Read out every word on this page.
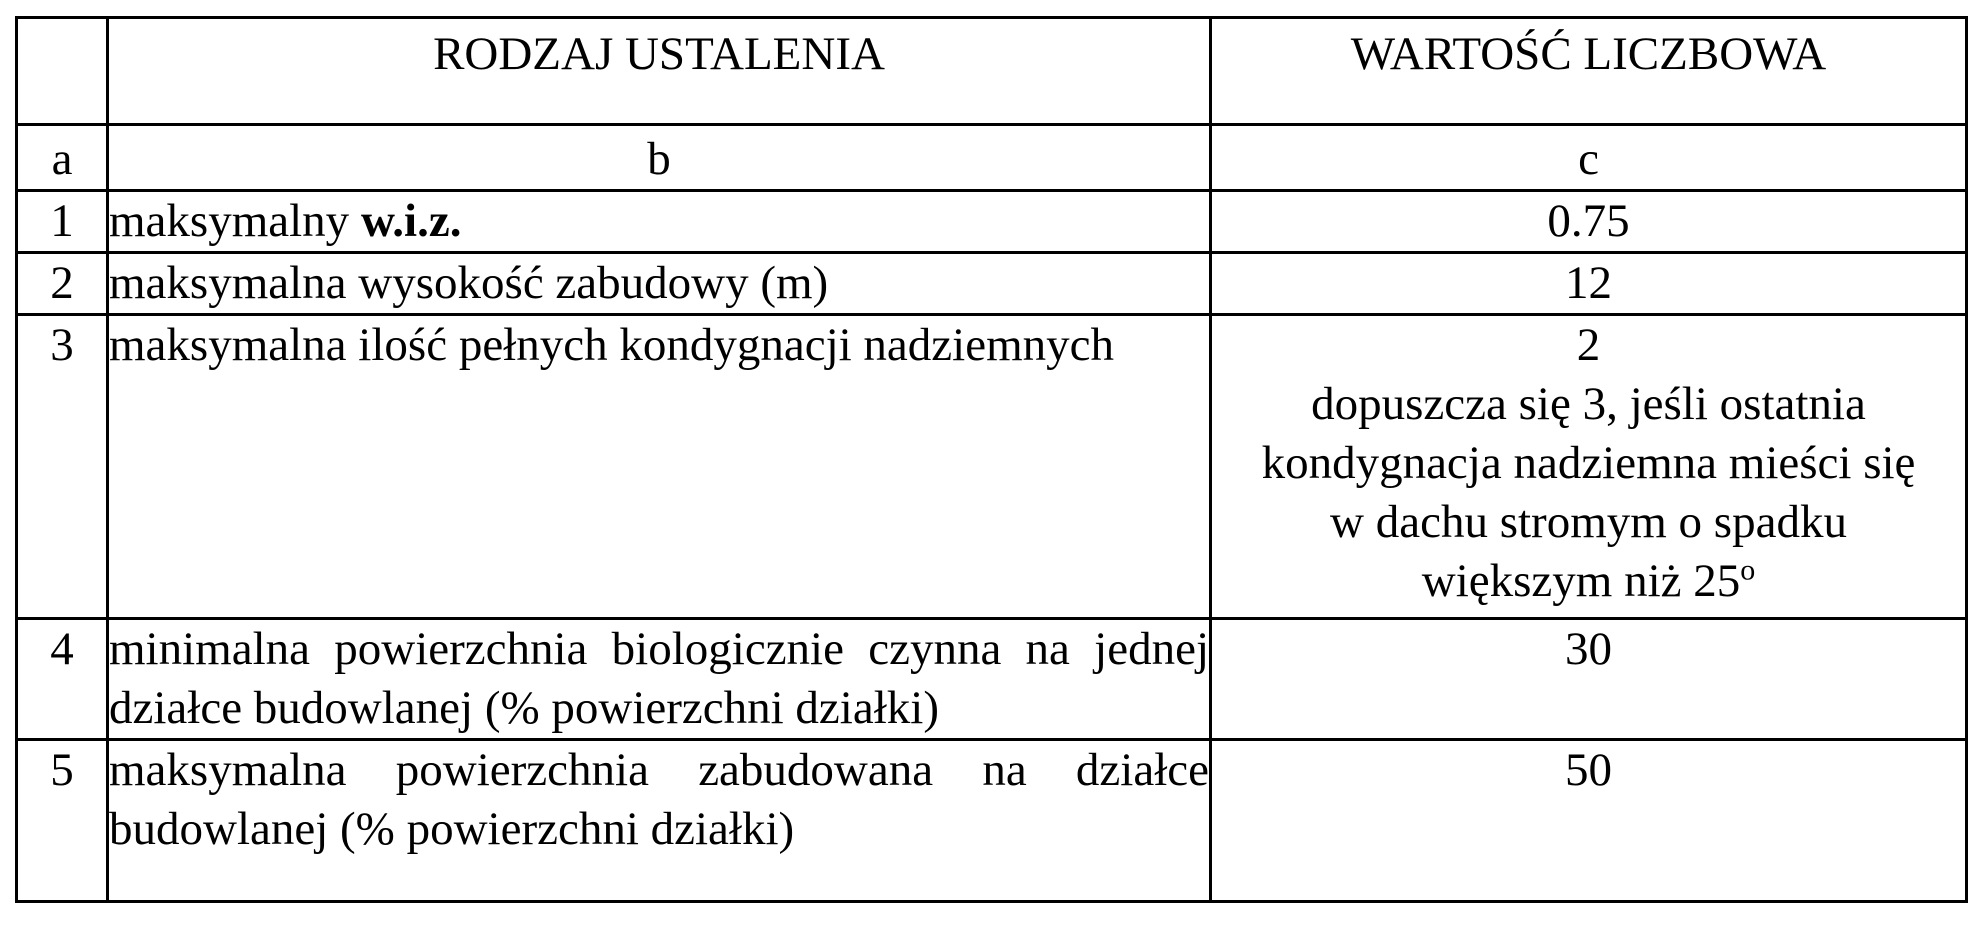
	RODZAJ USTALENIA	WARTOŚĆ LICZBOWA
a	b	c
1	maksymalny w.i.z.	0.75
2	maksymalna wysokość zabudowy (m)	12
3	maksymalna ilość pełnych kondygnacji nadziemnych	2
dopuszcza się 3, jeśli ostatnia
kondygnacja nadziemna mieści się
w dachu stromym o spadku
większym niż 25$^o$

4	minimalna powierzchnia biologicznie czynna na jednej działce budowlanej (% powierzchni działki)	30
5	maksymalna powierzchnia zabudowana na działce budowlanej (% powierzchni działki)	50
